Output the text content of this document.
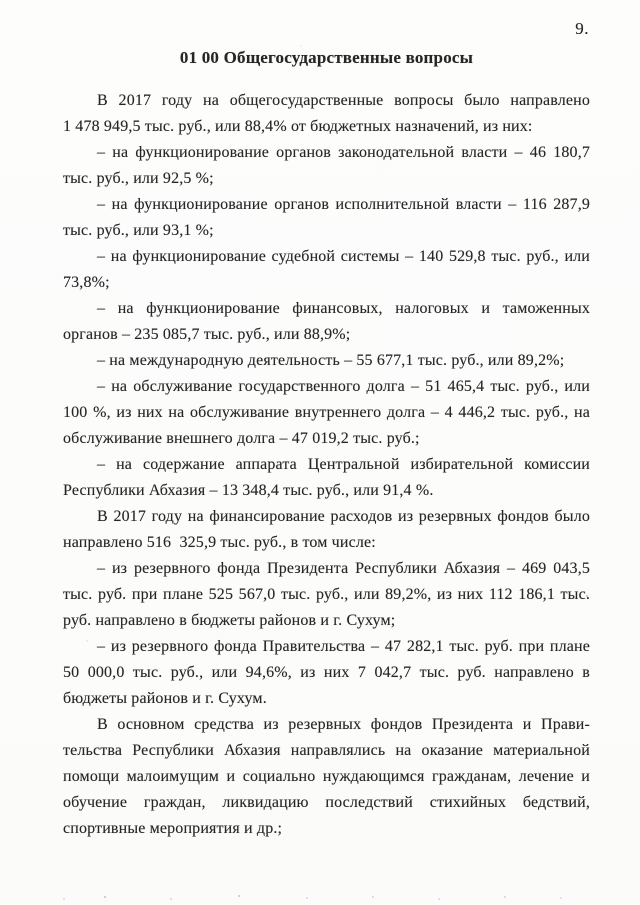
9.
01 00 Общегосударственные вопросы
В 2017 году на общегосударственные вопросы было направлено
1 478 949,5 тыс. руб., или 88,4% от бюджетных назначений, из них:
– на функционирование органов законодательной власти – 46 180,7
тыс. руб., или 92,5 %;
– на функционирование органов исполнительной власти – 116 287,9
тыс. руб., или 93,1 %;
– на функционирование судебной системы – 140 529,8 тыс. руб., или
73,8%;
– на функционирование финансовых, налоговых и таможенных
органов – 235 085,7 тыс. руб., или 88,9%;
– на международную деятельность – 55 677,1 тыс. руб., или 89,2%;
– на обслуживание государственного долга – 51 465,4 тыс. руб., или
100 %, из них на обслуживание внутреннего долга – 4 446,2 тыс. руб., на
обслуживание внешнего долга – 47 019,2 тыс. руб.;
– на содержание аппарата Центральной избирательной комиссии
Республики Абхазия – 13 348,4 тыс. руб., или 91,4 %.
В 2017 году на финансирование расходов из резервных фондов было
направлено 516  325,9 тыс. руб., в том числе:
– из резервного фонда Президента Республики Абхазия – 469 043,5
тыс. руб. при плане 525 567,0 тыс. руб., или 89,2%, из них 112 186,1 тыс.
руб. направлено в бюджеты районов и г. Сухум;
– из резервного фонда Правительства – 47 282,1 тыс. руб. при плане
50 000,0 тыс. руб., или 94,6%, из них 7 042,7 тыс. руб. направлено в
бюджеты районов и г. Сухум.
В основном средства из резервных фондов Президента и Прави-
тельства Республики Абхазия направлялись на оказание материальной
помощи малоимущим и социально нуждающимся гражданам, лечение и
обучение граждан, ликвидацию последствий стихийных бедствий,
спортивные мероприятия и др.;
